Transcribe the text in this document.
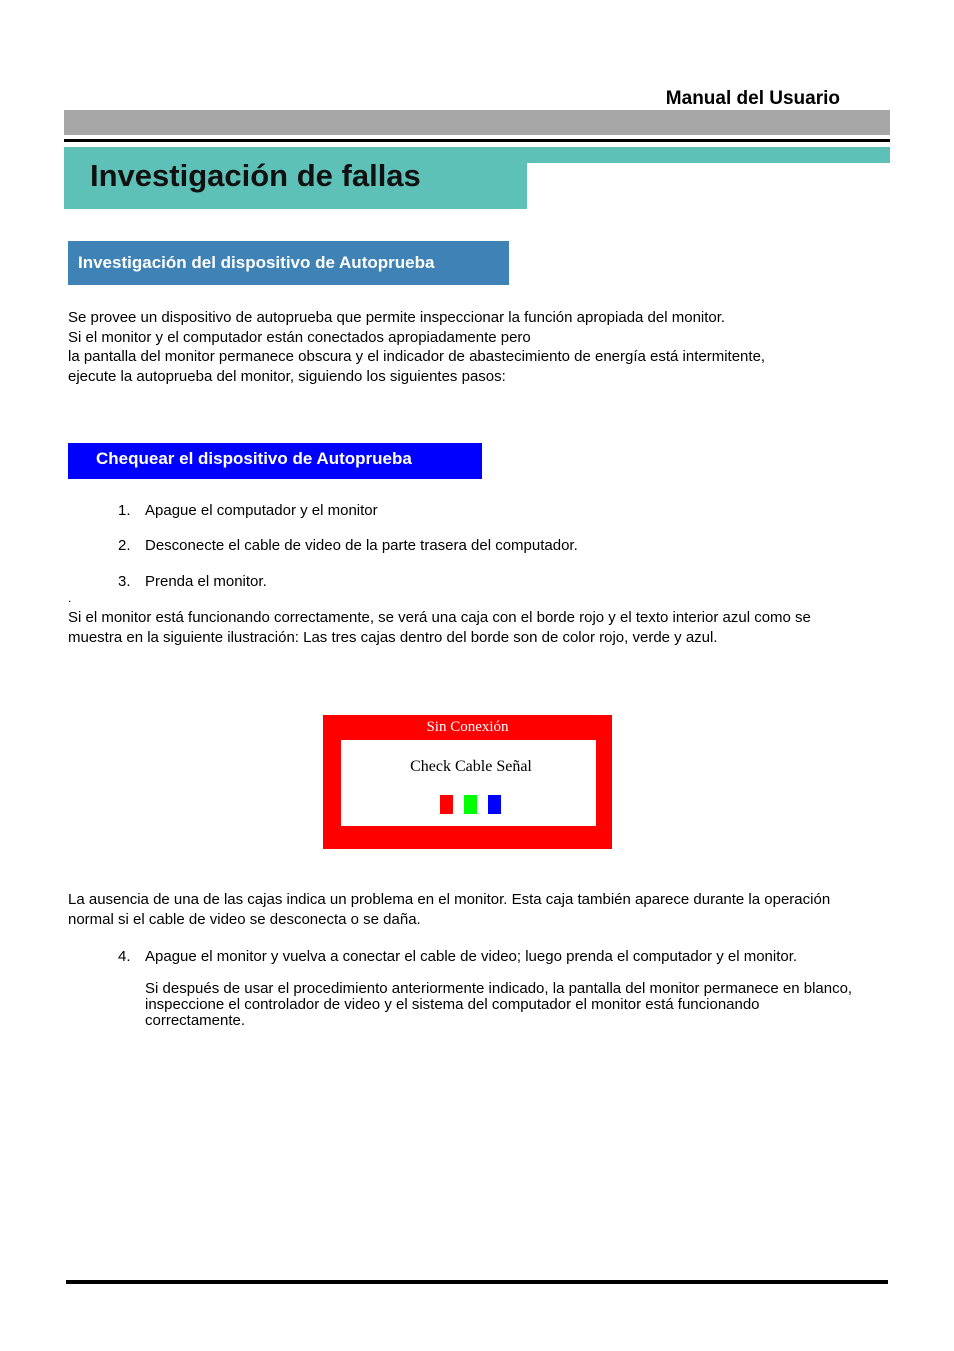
Manual del Usuario
Investigación de fallas
Investigación del dispositivo de Autoprueba
Se provee un dispositivo de autoprueba que permite inspeccionar la función apropiada del monitor.
Si el monitor y el computador están conectados apropiadamente pero
la pantalla del monitor permanece obscura y el indicador de abastecimiento de energía está intermitente,
ejecute la autoprueba del monitor, siguiendo los siguientes pasos:
Chequear el dispositivo de Autoprueba
1. Apague el computador y el monitor
2. Desconecte el cable de video de la parte trasera del computador.
3. Prenda el monitor.
.
Si el monitor está funcionando correctamente, se verá una caja con el borde rojo y el texto interior azul como se
muestra en la siguiente ilustración: Las tres cajas dentro del borde son de color rojo, verde y azul.
Sin Conexión
Check Cable Señal
La ausencia de una de las cajas indica un problema en el monitor. Esta caja también aparece durante la operación
normal si el cable de video se desconecta o se daña.
4. Apague el monitor y vuelva a conectar el cable de video; luego prenda el computador y el monitor.
Si después de usar el procedimiento anteriormente indicado, la pantalla del monitor permanece en blanco,
inspeccione el controlador de video y el sistema del computador el monitor está funcionando
correctamente.
